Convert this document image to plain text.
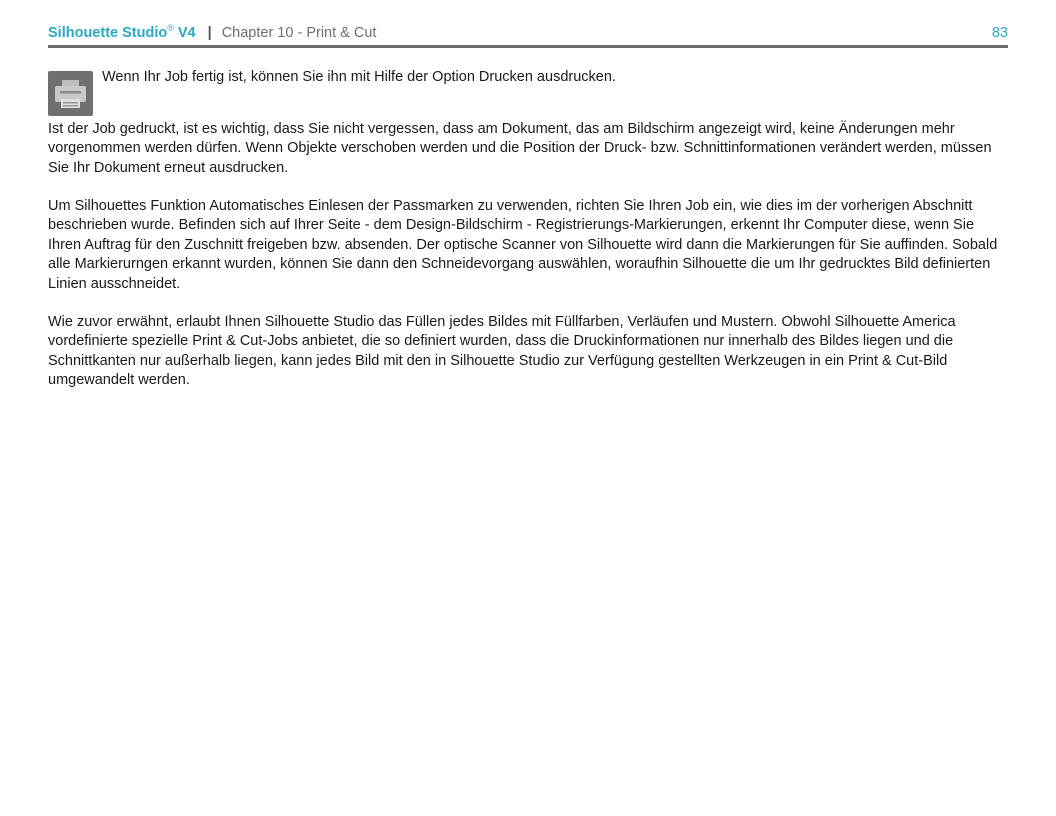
Silhouette Studio® V4 | Chapter 10 - Print & Cut	83
Wenn Ihr Job fertig ist, können Sie ihn mit Hilfe der Option Drucken ausdrucken.

Ist der Job gedruckt, ist es wichtig, dass Sie nicht vergessen, dass am Dokument, das am Bildschirm angezeigt wird, keine Änderungen mehr vorgenommen werden dürfen. Wenn Objekte verschoben werden und die Position der Druck- bzw. Schnittinformationen verändert werden, müssen Sie Ihr Dokument erneut ausdrucken.

Um Silhouettes Funktion Automatisches Einlesen der Passmarken zu verwenden, richten Sie Ihren Job ein, wie dies im der vorherigen Abschnitt beschrieben wurde. Befinden sich auf Ihrer Seite - dem Design-Bildschirm - Registrierungs-Markierungen, erkennt Ihr Computer diese, wenn Sie Ihren Auftrag für den Zuschnitt freigeben bzw. absenden. Der optische Scanner von Silhouette wird dann die Markierungen für Sie auffinden. Sobald alle Markierurngen erkannt wurden, können Sie dann den Schneidevorgang auswählen, woraufhin Silhouette die um Ihr gedrucktes Bild definierten Linien ausschneidet.

Wie zuvor erwähnt, erlaubt Ihnen Silhouette Studio das Füllen jedes Bildes mit Füllfarben, Verläufen und Mustern. Obwohl Silhouette America vordefinierte spezielle Print & Cut-Jobs anbietet, die so definiert wurden, dass die Druckinformationen nur innerhalb des Bildes liegen und die Schnittkanten nur außerhalb liegen, kann jedes Bild mit den in Silhouette Studio zur Verfügung gestellten Werkzeugen in ein Print & Cut-Bild umgewandelt werden.
